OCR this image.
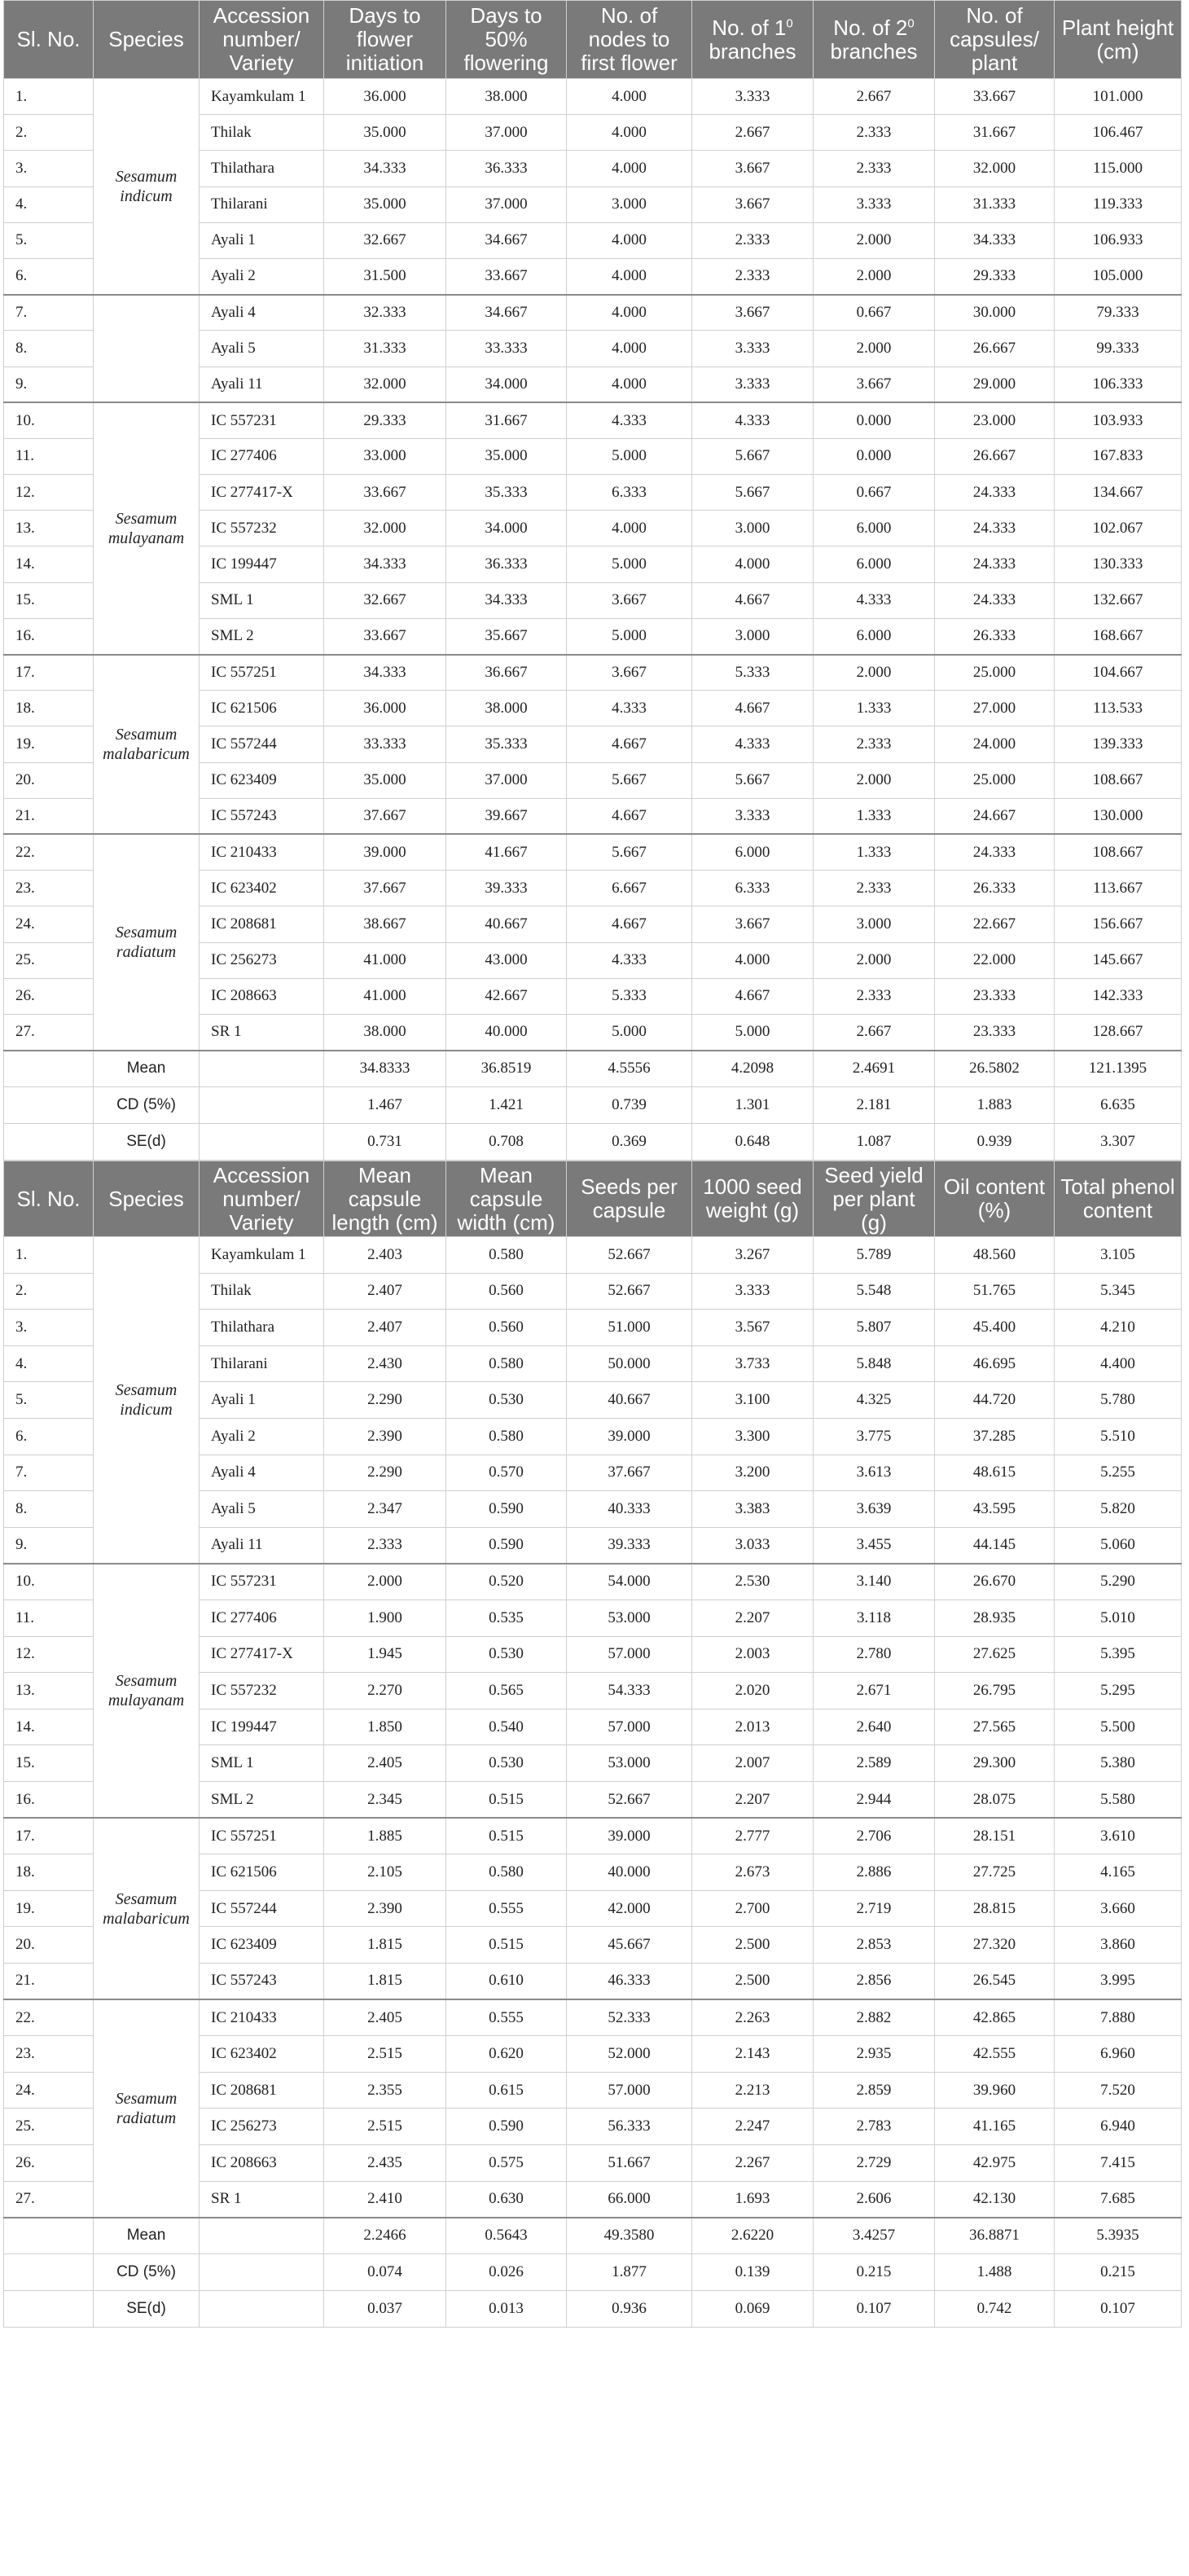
Sl. No.	Species	Accession number/ Variety	Days to flower initiation	Days to 50% flowering	No. of nodes to first flower	No. of $1^0$ branches	No. of $2^0$ branches	No. of capsules/ plant	Plant height (cm)
1.	Sesamum indicum	Kayamkulam 1	36.000	38.000	4.000	3.333	2.667	33.667	101.000
2.		Thilak	35.000	37.000	4.000	2.667	2.333	31.667	106.467
3.		Thilathara	34.333	36.333	4.000	3.667	2.333	32.000	115.000
4.		Thilarani	35.000	37.000	3.000	3.667	3.333	31.333	119.333
5.		Ayali 1	32.667	34.667	4.000	2.333	2.000	34.333	106.933
6.		Ayali 2	31.500	33.667	4.000	2.333	2.000	29.333	105.000
7.		Ayali 4	32.333	34.667	4.000	3.667	0.667	30.000	79.333
8.		Ayali 5	31.333	33.333	4.000	3.333	2.000	26.667	99.333
9.		Ayali 11	32.000	34.000	4.000	3.333	3.667	29.000	106.333
10.	Sesamum mulayanam	IC 557231	29.333	31.667	4.333	4.333	0.000	23.000	103.933
11.		IC 277406	33.000	35.000	5.000	5.667	0.000	26.667	167.833
12.		IC 277417-X	33.667	35.333	6.333	5.667	0.667	24.333	134.667
13.		IC 557232	32.000	34.000	4.000	3.000	6.000	24.333	102.067
14.		IC 199447	34.333	36.333	5.000	4.000	6.000	24.333	130.333
15.		SML 1	32.667	34.333	3.667	4.667	4.333	24.333	132.667
16.		SML 2	33.667	35.667	5.000	3.000	6.000	26.333	168.667
17.	Sesamum malabaricum	IC 557251	34.333	36.667	3.667	5.333	2.000	25.000	104.667
18.		IC 621506	36.000	38.000	4.333	4.667	1.333	27.000	113.533
19.		IC 557244	33.333	35.333	4.667	4.333	2.333	24.000	139.333
20.		IC 623409	35.000	37.000	5.667	5.667	2.000	25.000	108.667
21.		IC 557243	37.667	39.667	4.667	3.333	1.333	24.667	130.000
22.	Sesamum radiatum	IC 210433	39.000	41.667	5.667	6.000	1.333	24.333	108.667
23.		IC 623402	37.667	39.333	6.667	6.333	2.333	26.333	113.667
24.		IC 208681	38.667	40.667	4.667	3.667	3.000	22.667	156.667
25.		IC 256273	41.000	43.000	4.333	4.000	2.000	22.000	145.667
26.		IC 208663	41.000	42.667	5.333	4.667	2.333	23.333	142.333
27.		SR 1	38.000	40.000	5.000	5.000	2.667	23.333	128.667
	Mean		34.8333	36.8519	4.5556	4.2098	2.4691	26.5802	121.1395
	CD (5%)		1.467	1.421	0.739	1.301	2.181	1.883	6.635
	SE(d)		0.731	0.708	0.369	0.648	1.087	0.939	3.307
Sl. No.	Species	Accession number/ Variety	Mean capsule length (cm)	Mean capsule width (cm)	Seeds per capsule	1000 seed weight (g)	Seed yield per plant (g)	Oil content (%)	Total phenol content
1.	Sesamum indicum	Kayamkulam 1	2.403	0.580	52.667	3.267	5.789	48.560	3.105
2.		Thilak	2.407	0.560	52.667	3.333	5.548	51.765	5.345
3.		Thilathara	2.407	0.560	51.000	3.567	5.807	45.400	4.210
4.		Thilarani	2.430	0.580	50.000	3.733	5.848	46.695	4.400
5.		Ayali 1	2.290	0.530	40.667	3.100	4.325	44.720	5.780
6.		Ayali 2	2.390	0.580	39.000	3.300	3.775	37.285	5.510
7.		Ayali 4	2.290	0.570	37.667	3.200	3.613	48.615	5.255
8.		Ayali 5	2.347	0.590	40.333	3.383	3.639	43.595	5.820
9.		Ayali 11	2.333	0.590	39.333	3.033	3.455	44.145	5.060
10.	Sesamum mulayanam	IC 557231	2.000	0.520	54.000	2.530	3.140	26.670	5.290
11.		IC 277406	1.900	0.535	53.000	2.207	3.118	28.935	5.010
12.		IC 277417-X	1.945	0.530	57.000	2.003	2.780	27.625	5.395
13.		IC 557232	2.270	0.565	54.333	2.020	2.671	26.795	5.295
14.		IC 199447	1.850	0.540	57.000	2.013	2.640	27.565	5.500
15.		SML 1	2.405	0.530	53.000	2.007	2.589	29.300	5.380
16.		SML 2	2.345	0.515	52.667	2.207	2.944	28.075	5.580
17.	Sesamum malabaricum	IC 557251	1.885	0.515	39.000	2.777	2.706	28.151	3.610
18.		IC 621506	2.105	0.580	40.000	2.673	2.886	27.725	4.165
19.		IC 557244	2.390	0.555	42.000	2.700	2.719	28.815	3.660
20.		IC 623409	1.815	0.515	45.667	2.500	2.853	27.320	3.860
21.		IC 557243	1.815	0.610	46.333	2.500	2.856	26.545	3.995
22.	Sesamum radiatum	IC 210433	2.405	0.555	52.333	2.263	2.882	42.865	7.880
23.		IC 623402	2.515	0.620	52.000	2.143	2.935	42.555	6.960
24.		IC 208681	2.355	0.615	57.000	2.213	2.859	39.960	7.520
25.		IC 256273	2.515	0.590	56.333	2.247	2.783	41.165	6.940
26.		IC 208663	2.435	0.575	51.667	2.267	2.729	42.975	7.415
27.		SR 1	2.410	0.630	66.000	1.693	2.606	42.130	7.685
	Mean		2.2466	0.5643	49.3580	2.6220	3.4257	36.8871	5.3935
	CD (5%)		0.074	0.026	1.877	0.139	0.215	1.488	0.215
	SE(d)		0.037	0.013	0.936	0.069	0.107	0.742	0.107
